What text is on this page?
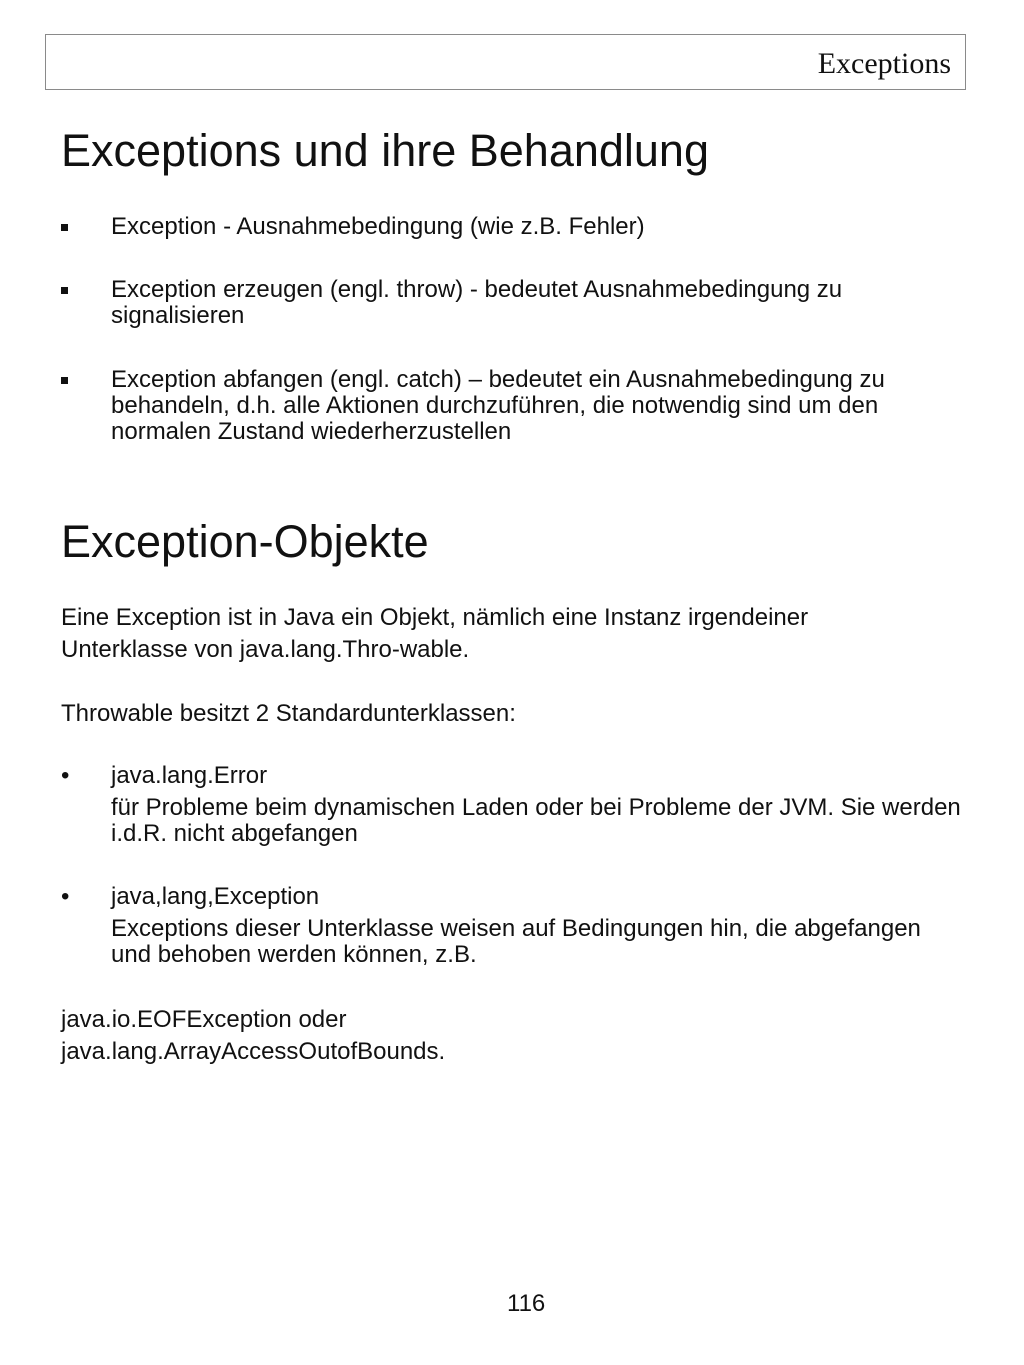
Exceptions
Exceptions und ihre Behandlung

Exception - Ausnahmebedingung (wie z.B. Fehler)

Exception erzeugen (engl. throw) - bedeutet Ausnahmebedingung zu signalisieren

Exception abfangen (engl. catch) – bedeutet ein Ausnahmebedingung zu behandeln, d.h. alle Aktionen durchzuführen, die notwendig sind um den normalen Zustand wiederherzustellen

Exception-Objekte

Eine Exception ist in Java ein Objekt, nämlich eine Instanz irgendeiner Unterklasse von java.lang.Thro-wable.

Throwable besitzt 2 Standardunterklassen:

• java.lang.Error

für Probleme beim dynamischen Laden oder bei Probleme der JVM. Sie werden i.d.R. nicht abgefangen

• java,lang,Exception

Exceptions dieser Unterklasse weisen auf Bedingungen hin, die abgefangen und behoben werden können, z.B.

java.io.EOFException oder java.lang.ArrayAccessOutofBounds.

116
